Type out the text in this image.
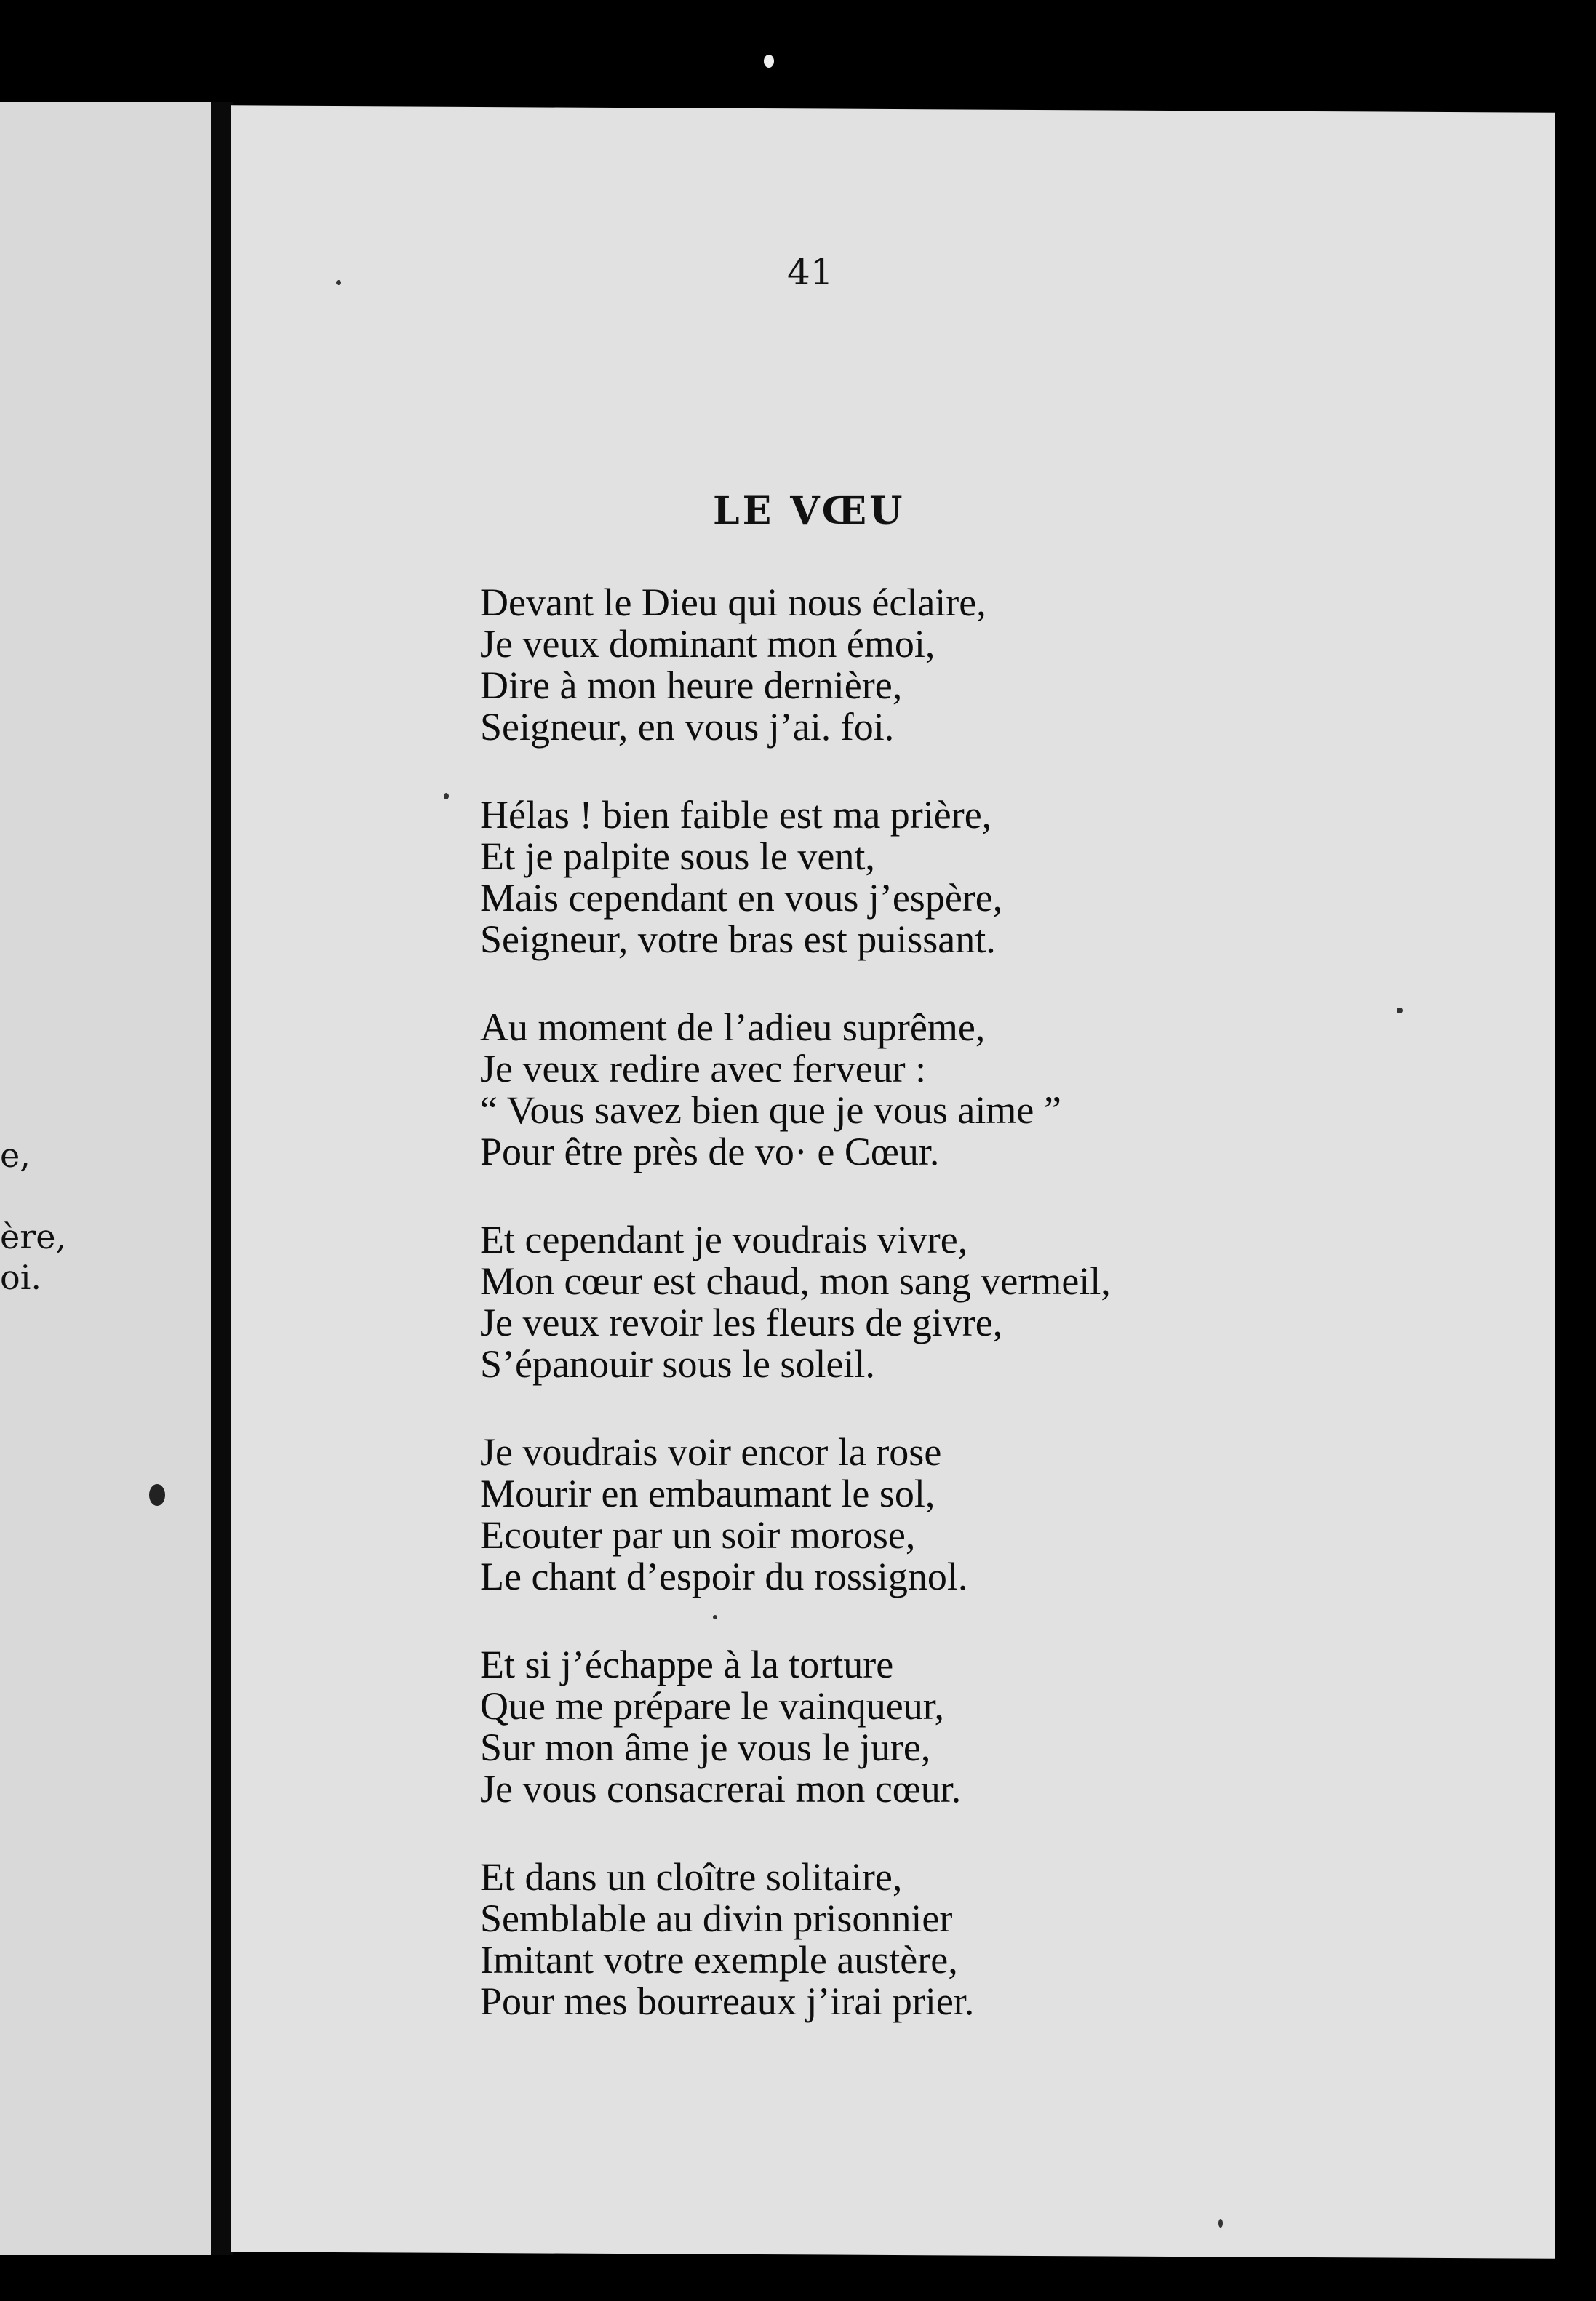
e,
ère,
oi.
41
LE VŒU
Devant le Dieu qui nous éclaire,
Je veux dominant mon émoi,
Dire à mon heure dernière,
Seigneur, en vous j’ai. foi.
Hélas ! bien faible est ma prière,
Et je palpite sous le vent,
Mais cependant en vous j’espère,
Seigneur, votre bras est puissant.
Au moment de l’adieu suprême,
Je veux redire avec ferveur :
“ Vous savez bien que je vous aime ”
Pour être près de vo· e Cœur.
Et cependant je voudrais vivre,
Mon cœur est chaud, mon sang vermeil,
Je veux revoir les fleurs de givre,
S’épanouir sous le soleil.
Je voudrais voir encor la rose
Mourir en embaumant le sol,
Ecouter par un soir morose,
Le chant d’espoir du rossignol.
Et si j’échappe à la torture
Que me prépare le vainqueur,
Sur mon âme je vous le jure,
Je vous consacrerai mon cœur.
Et dans un cloître solitaire,
Semblable au divin prisonnier
Imitant votre exemple austère,
Pour mes bourreaux j’irai prier.
